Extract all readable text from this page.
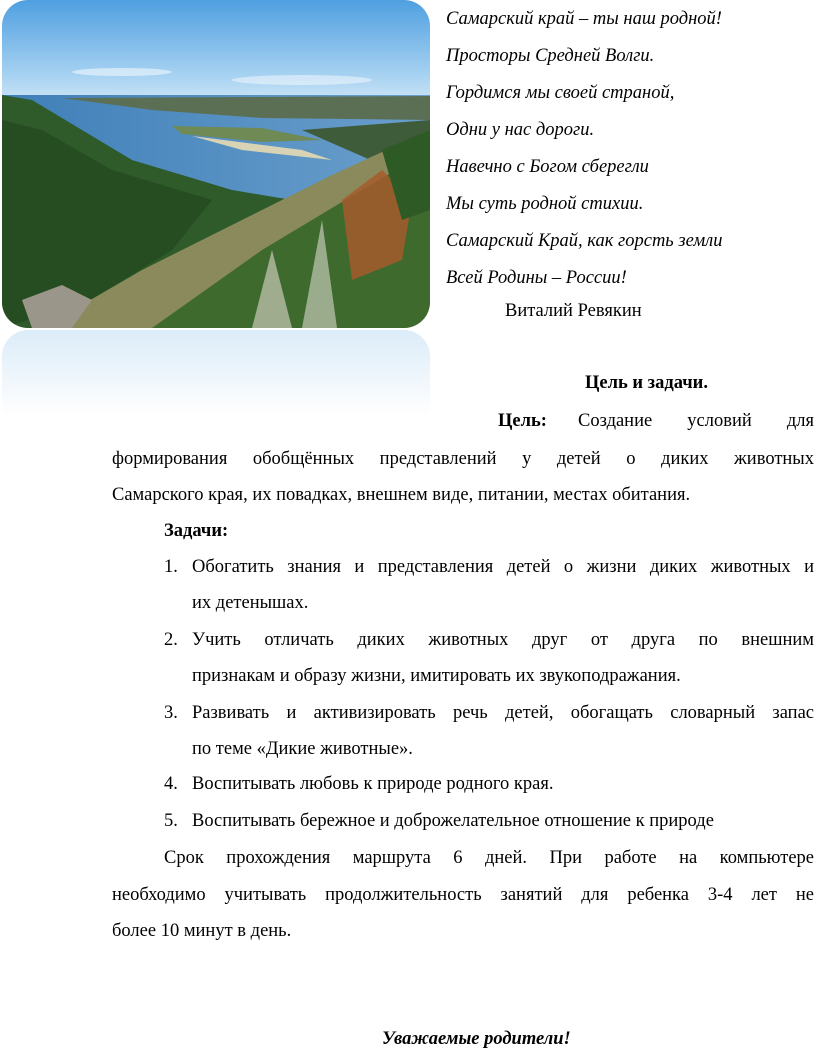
Самарский край – ты наш родной!
Просторы Средней Волги.
Гордимся мы своей страной,
Одни у нас дороги.
Навечно с Богом сберегли
Мы суть родной стихии.
Самарский Край, как горсть земли
Всей Родины – России!
Виталий Ревякин
Цель и задачи.
Цель: Создание условий для
формирования обобщённых представлений у детей о диких животных
Самарского края, их повадках, внешнем виде, питании, местах обитания.
Задачи:
1. Обогатить знания и представления детей о жизни диких животных и
их детенышах.
2. Учить отличать диких животных друг от друга по внешним
признакам и образу жизни, имитировать их звукоподражания.
3. Развивать и активизировать речь детей, обогащать словарный запас
по теме «Дикие животные».
4. Воспитывать любовь к природе родного края.
5. Воспитывать бережное и доброжелательное отношение к природе
Срок прохождения маршрута 6 дней. При работе на компьютере
необходимо учитывать продолжительность занятий для ребенка 3-4 лет не
более 10 минут в день.
Уважаемые родители!
